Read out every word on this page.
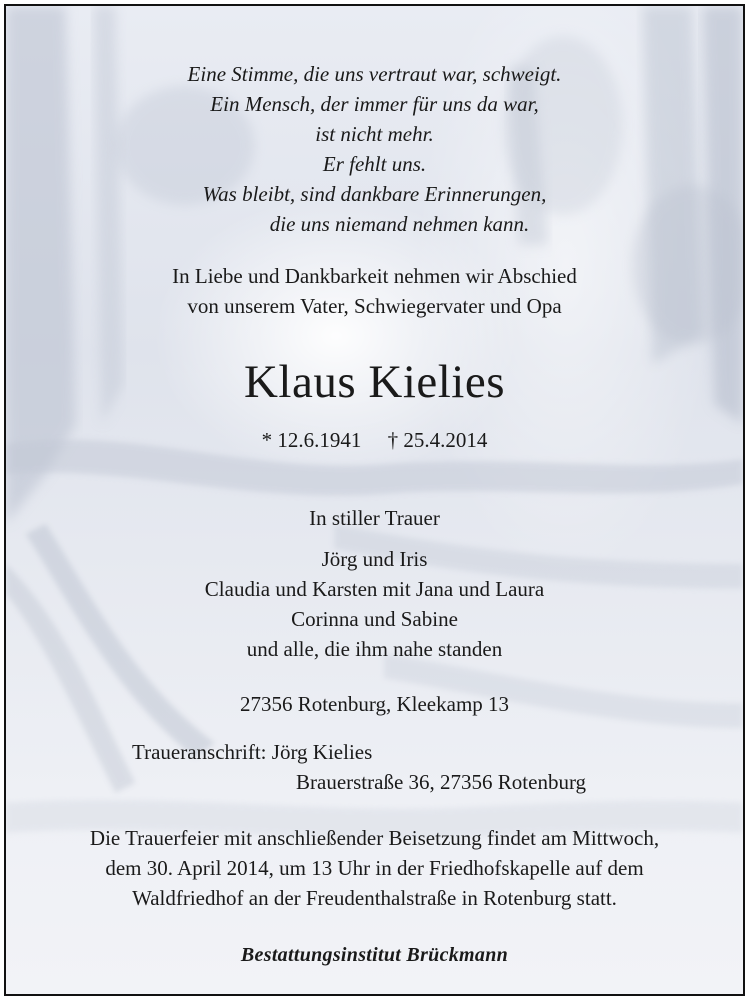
Eine Stimme, die uns vertraut war, schweigt.
Ein Mensch, der immer für uns da war,
ist nicht mehr.
Er fehlt uns.
Was bleibt, sind dankbare Erinnerungen,
die uns niemand nehmen kann.
In Liebe und Dankbarkeit nehmen wir Abschied
von unserem Vater, Schwiegervater und Opa
Klaus Kielies
* 12.6.1941     † 25.4.2014
In stiller Trauer
Jörg und Iris
Claudia und Karsten mit Jana und Laura
Corinna und Sabine
und alle, die ihm nahe standen
27356 Rotenburg, Kleekamp 13
Traueranschrift: Jörg Kielies
Brauerstraße 36, 27356 Rotenburg
Die Trauerfeier mit anschließender Beisetzung findet am Mittwoch,
dem 30. April 2014, um 13 Uhr in der Friedhofskapelle auf dem
Waldfriedhof an der Freudenthalstraße in Rotenburg statt.
Bestattungsinstitut Brückmann
